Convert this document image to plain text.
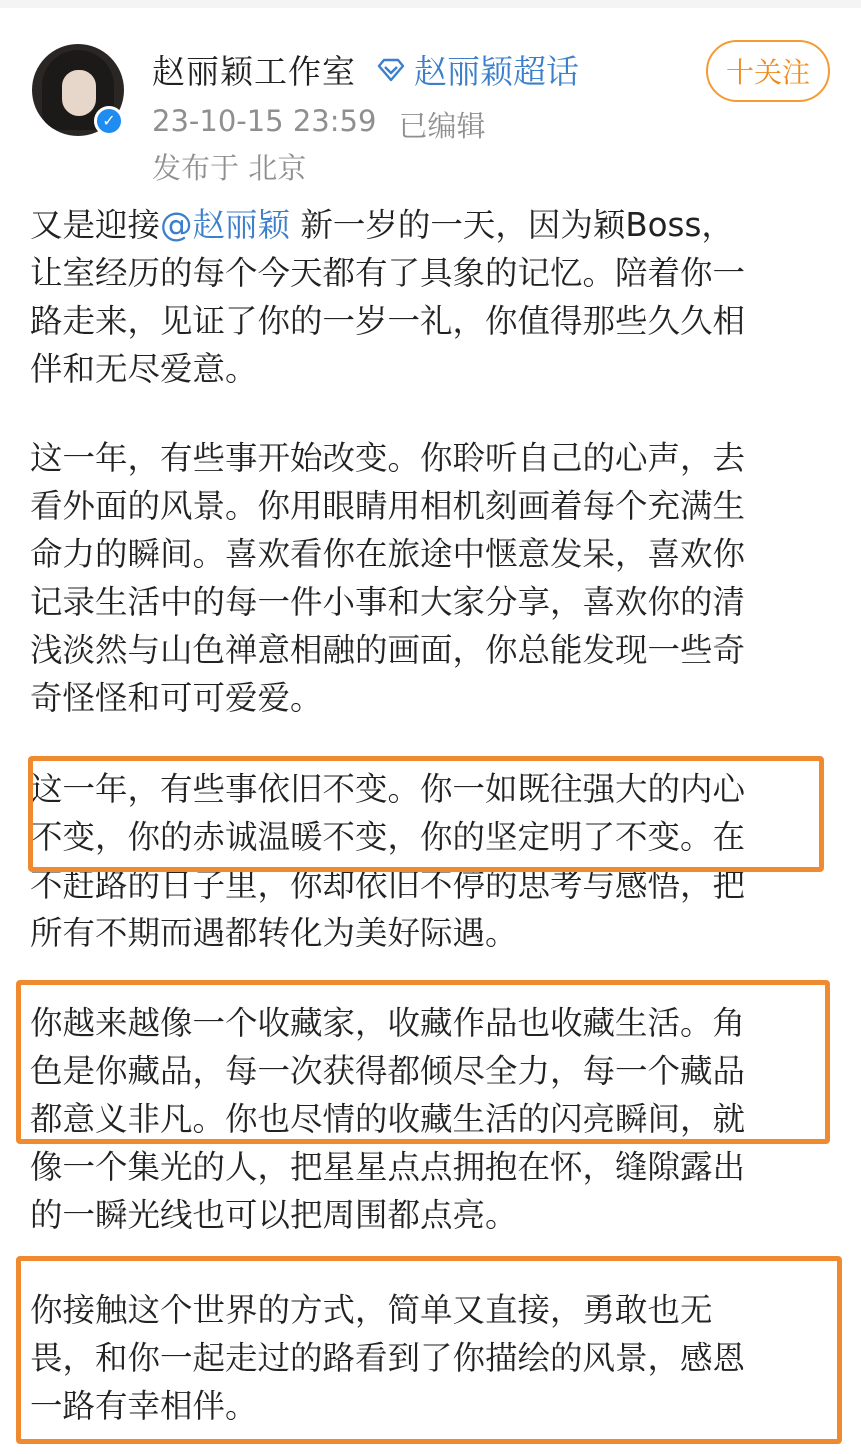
✓
赵丽颖工作室 赵丽颖超话	十关注
23-10-15 23:59 已编辑
发布于 北京
又是迎接@赵丽颖 新一岁的一天，因为颖Boss，
让室经历的每个今天都有了具象的记忆。陪着你一
路走来，见证了你的一岁一礼，你值得那些久久相
伴和无尽爱意。
这一年，有些事开始改变。你聆听自己的心声，去
看外面的风景。你用眼睛用相机刻画着每个充满生
命力的瞬间。喜欢看你在旅途中惬意发呆，喜欢你
记录生活中的每一件小事和大家分享，喜欢你的清
浅淡然与山色禅意相融的画面，你总能发现一些奇
奇怪怪和可可爱爱。
这一年，有些事依旧不变。你一如既往强大的内心
不变，你的赤诚温暖不变，你的坚定明了不变。在
不赶路的日子里，你却依旧不停的思考与感悟，把
所有不期而遇都转化为美好际遇。
你越来越像一个收藏家，收藏作品也收藏生活。角
色是你藏品，每一次获得都倾尽全力，每一个藏品
都意义非凡。你也尽情的收藏生活的闪亮瞬间，就
像一个集光的人，把星星点点拥抱在怀，缝隙露出
的一瞬光线也可以把周围都点亮。
你接触这个世界的方式，简单又直接，勇敢也无
畏，和你一起走过的路看到了你描绘的风景，感恩
一路有幸相伴。
